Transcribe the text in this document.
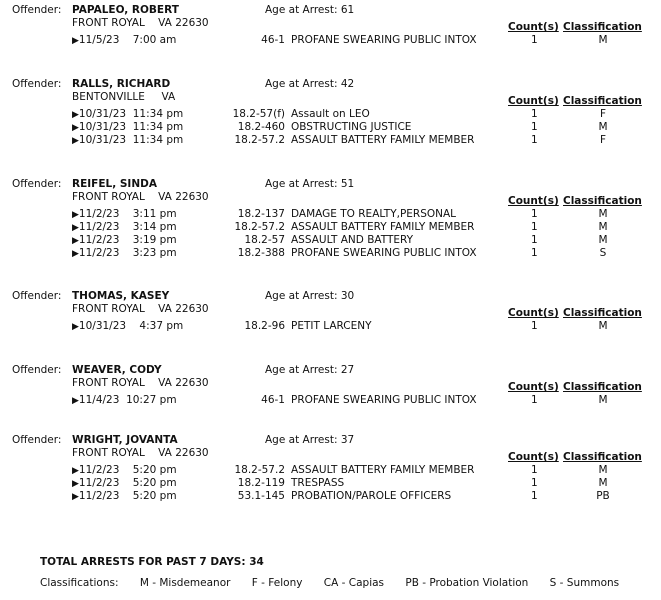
Offender: PAPALEO, ROBERT	Age at Arrest: 61
FRONT ROYAL    VA 22630	Count(s) Classification
▶11/5/23    7:00 am	46-1 PROFANE SWEARING PUBLIC INTOX	1	M
Offender: RALLS, RICHARD	Age at Arrest: 42
BENTONVILLE     VA	Count(s) Classification
▶10/31/23  11:34 pm	18.2-57(f) Assault on LEO	1	F
▶10/31/23  11:34 pm	18.2-460 OBSTRUCTING JUSTICE	1	M
▶10/31/23  11:34 pm	18.2-57.2 ASSAULT BATTERY FAMILY MEMBER	1	F
Offender: REIFEL, SINDA	Age at Arrest: 51
FRONT ROYAL    VA 22630	Count(s) Classification
▶11/2/23    3:11 pm	18.2-137 DAMAGE TO REALTY,PERSONAL	1	M
▶11/2/23    3:14 pm	18.2-57.2 ASSAULT BATTERY FAMILY MEMBER	1	M
▶11/2/23    3:19 pm	18.2-57 ASSAULT AND BATTERY	1	M
▶11/2/23    3:23 pm	18.2-388 PROFANE SWEARING PUBLIC INTOX	1	S
Offender: THOMAS, KASEY	Age at Arrest: 30
FRONT ROYAL    VA 22630	Count(s) Classification
▶10/31/23    4:37 pm	18.2-96 PETIT LARCENY	1	M
Offender: WEAVER, CODY	Age at Arrest: 27
FRONT ROYAL    VA 22630	Count(s) Classification
▶11/4/23  10:27 pm	46-1 PROFANE SWEARING PUBLIC INTOX	1	M
Offender: WRIGHT, JOVANTA	Age at Arrest: 37
FRONT ROYAL    VA 22630	Count(s) Classification
▶11/2/23    5:20 pm	18.2-57.2 ASSAULT BATTERY FAMILY MEMBER	1	M
▶11/2/23    5:20 pm	18.2-119 TRESPASS	1	M
▶11/2/23    5:20 pm	53.1-145 PROBATION/PAROLE OFFICERS	1	PB
TOTAL ARRESTS FOR PAST 7 DAYS: 34
Classifications: M - Misdemeanor F - Felony CA - Capias PB - Probation Violation S - Summons
